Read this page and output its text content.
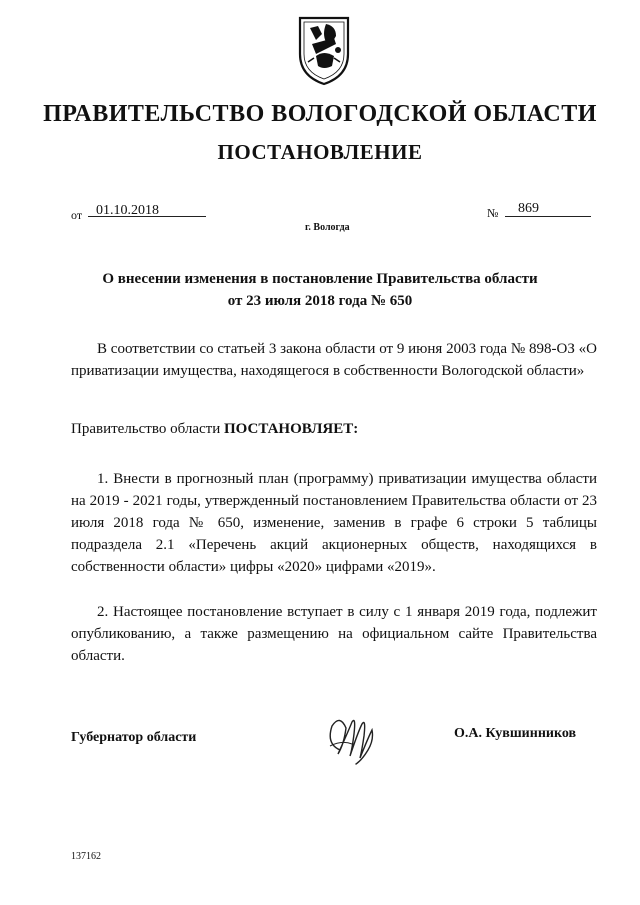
ПРАВИТЕЛЬСТВО ВОЛОГОДСКОЙ ОБЛАСТИ
ПОСТАНОВЛЕНИЕ
от 01.10.2018	№ 869
г. Вологда
О внесении изменения в постановление Правительства области
от 23 июля 2018 года № 650

В соответствии со статьей 3 закона области от 9 июня 2003 года № 898-ОЗ «О приватизации имущества, находящегося в собственности Вологодской области»

Правительство области ПОСТАНОВЛЯЕТ:

1. Внести в прогнозный план (программу) приватизации имущества области на 2019 - 2021 годы, утвержденный постановлением Правительства области от 23 июля 2018 года № 650, изменение, заменив в графе 6 строки 5 таблицы подраздела 2.1 «Перечень акций акционерных обществ, находящихся в собственности области» цифры «2020» цифрами «2019».

2. Настоящее постановление вступает в силу с 1 января 2019 года, подлежит опубликованию, а также размещению на официальном сайте Правительства области.

Губернатор области	О.А. Кувшинников
137162
